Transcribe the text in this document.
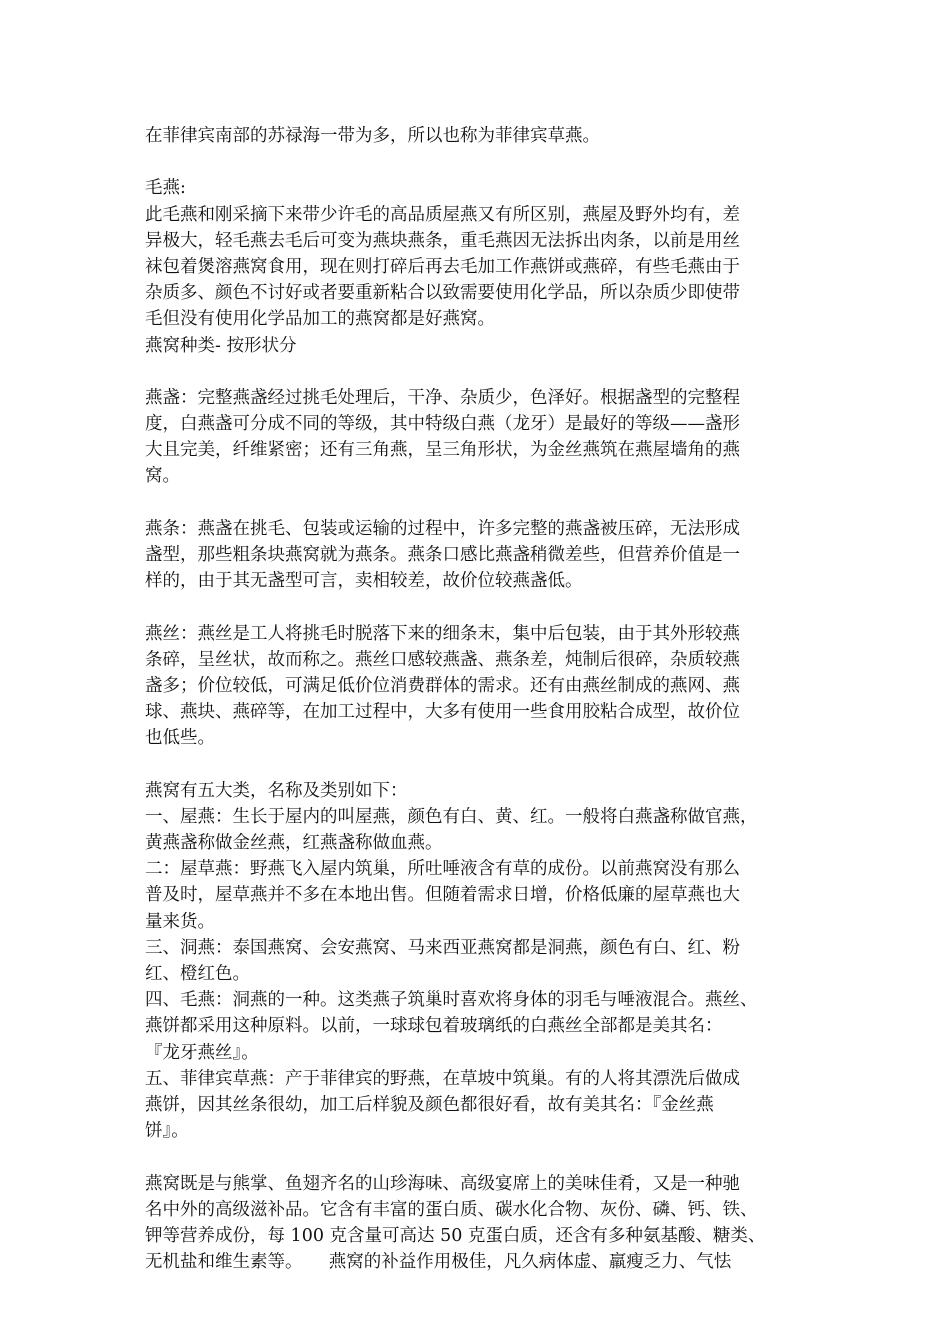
在菲律宾南部的苏禄海一带为多，所以也称为菲律宾草燕。
毛燕:
此毛燕和刚采摘下来带少许毛的高品质屋燕又有所区别，燕屋及野外均有，差
异极大，轻毛燕去毛后可变为燕块燕条，重毛燕因无法拆出肉条，以前是用丝
袜包着煲溶燕窝食用，现在则打碎后再去毛加工作燕饼或燕碎，有些毛燕由于
杂质多、颜色不讨好或者要重新粘合以致需要使用化学品，所以杂质少即使带
毛但没有使用化学品加工的燕窝都是好燕窝。
燕窝种类- 按形状分
燕盏：完整燕盏经过挑毛处理后，干净、杂质少，色泽好。根据盏型的完整程
度，白燕盏可分成不同的等级，其中特级白燕（龙牙）是最好的等级——盏形
大且完美，纤维紧密；还有三角燕，呈三角形状，为金丝燕筑在燕屋墙角的燕
窝。
燕条：燕盏在挑毛、包装或运输的过程中，许多完整的燕盏被压碎，无法形成
盏型，那些粗条块燕窝就为燕条。燕条口感比燕盏稍微差些，但营养价值是一
样的，由于其无盏型可言，卖相较差，故价位较燕盏低。
燕丝：燕丝是工人将挑毛时脱落下来的细条末，集中后包装，由于其外形较燕
条碎，呈丝状，故而称之。燕丝口感较燕盏、燕条差，炖制后很碎，杂质较燕
盏多；价位较低，可满足低价位消费群体的需求。还有由燕丝制成的燕网、燕
球、燕块、燕碎等，在加工过程中，大多有使用一些食用胶粘合成型，故价位
也低些。
燕窝有五大类，名称及类别如下：
一、屋燕：生长于屋内的叫屋燕，颜色有白、黄、红。一般将白燕盏称做官燕，
黄燕盏称做金丝燕，红燕盏称做血燕。
二：屋草燕：野燕飞入屋内筑巢，所吐唾液含有草的成份。以前燕窝没有那么
普及时，屋草燕并不多在本地出售。但随着需求日增，价格低廉的屋草燕也大
量来货。
三、洞燕：泰国燕窝、会安燕窝、马来西亚燕窝都是洞燕，颜色有白、红、粉
红、橙红色。
四、毛燕：洞燕的一种。这类燕子筑巢时喜欢将身体的羽毛与唾液混合。燕丝、
燕饼都采用这种原料。以前，一球球包着玻璃纸的白燕丝全部都是美其名：
『龙牙燕丝』。
五、菲律宾草燕：产于菲律宾的野燕，在草坡中筑巢。有的人将其漂洗后做成
燕饼，因其丝条很幼，加工后样貌及颜色都很好看，故有美其名：『金丝燕
饼』。
燕窝既是与熊掌、鱼翅齐名的山珍海味、高级宴席上的美味佳肴，又是一种驰
名中外的高级滋补品。它含有丰富的蛋白质、碳水化合物、灰份、磷、钙、铁、
钾等营养成份，每 100 克含量可高达 50 克蛋白质，还含有多种氨基酸、糖类、
无机盐和维生素等。　　燕窝的补益作用极佳，凡久病体虚、羸瘦乏力、气怯
